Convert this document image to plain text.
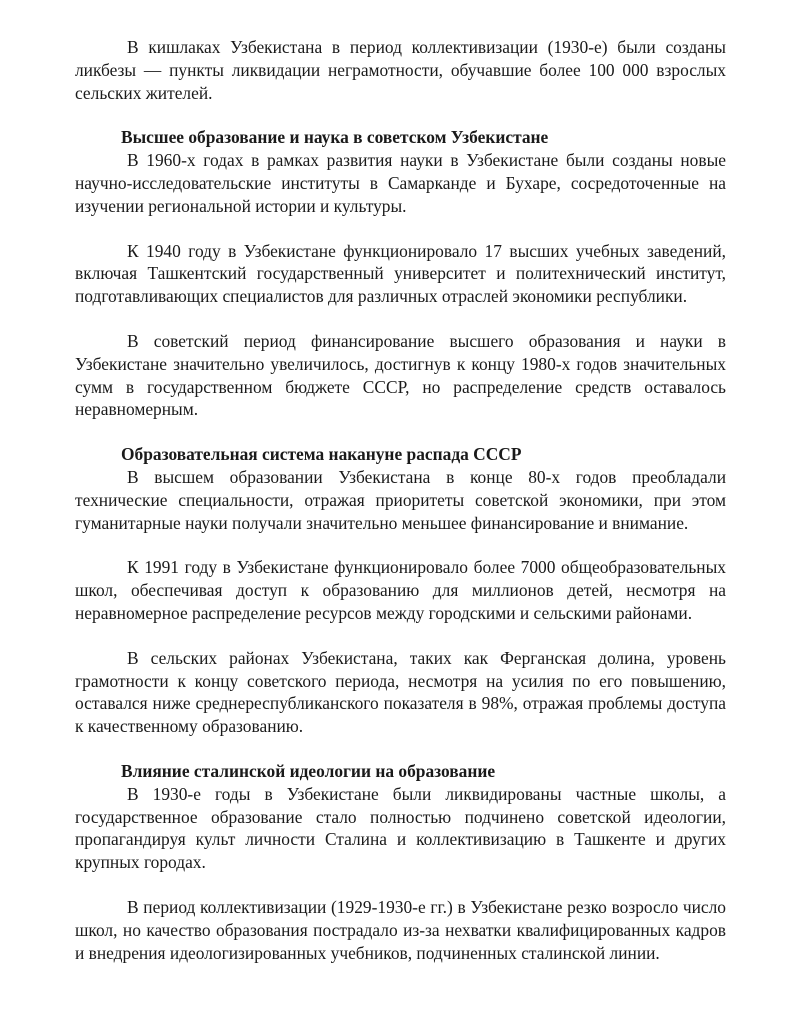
В кишлаках Узбекистана в период коллективизации (1930-е) были созданы ликбезы — пункты ликвидации неграмотности, обучавшие более 100 000 взрослых сельских жителей.

Высшее образование и наука в советском Узбекистане

В 1960-х годах в рамках развития науки в Узбекистане были созданы новые научно-исследовательские институты в Самарканде и Бухаре, сосредоточенные на изучении региональной истории и культуры.

К 1940 году в Узбекистане функционировало 17 высших учебных заведений, включая Ташкентский государственный университет и политехнический институт, подготавливающих специалистов для различных отраслей экономики республики.

В советский период финансирование высшего образования и науки в Узбекистане значительно увеличилось, достигнув к концу 1980-х годов значительных сумм в государственном бюджете СССР, но распределение средств оставалось неравномерным.

Образовательная система накануне распада СССР

В высшем образовании Узбекистана в конце 80-х годов преобладали технические специальности, отражая приоритеты советской экономики, при этом гуманитарные науки получали значительно меньшее финансирование и внимание.

К 1991 году в Узбекистане функционировало более 7000 общеобразовательных школ, обеспечивая доступ к образованию для миллионов детей, несмотря на неравномерное распределение ресурсов между городскими и сельскими районами.

В сельских районах Узбекистана, таких как Ферганская долина, уровень грамотности к концу советского периода, несмотря на усилия по его повышению, оставался ниже среднереспубликанского показателя в 98%, отражая проблемы доступа к качественному образованию.

Влияние сталинской идеологии на образование

В 1930-е годы в Узбекистане были ликвидированы частные школы, а государственное образование стало полностью подчинено советской идеологии, пропагандируя культ личности Сталина и коллективизацию в Ташкенте и других крупных городах.

В период коллективизации (1929-1930-е гг.) в Узбекистане резко возросло число школ, но качество образования пострадало из-за нехватки квалифицированных кадров и внедрения идеологизированных учебников, подчиненных сталинской линии.
